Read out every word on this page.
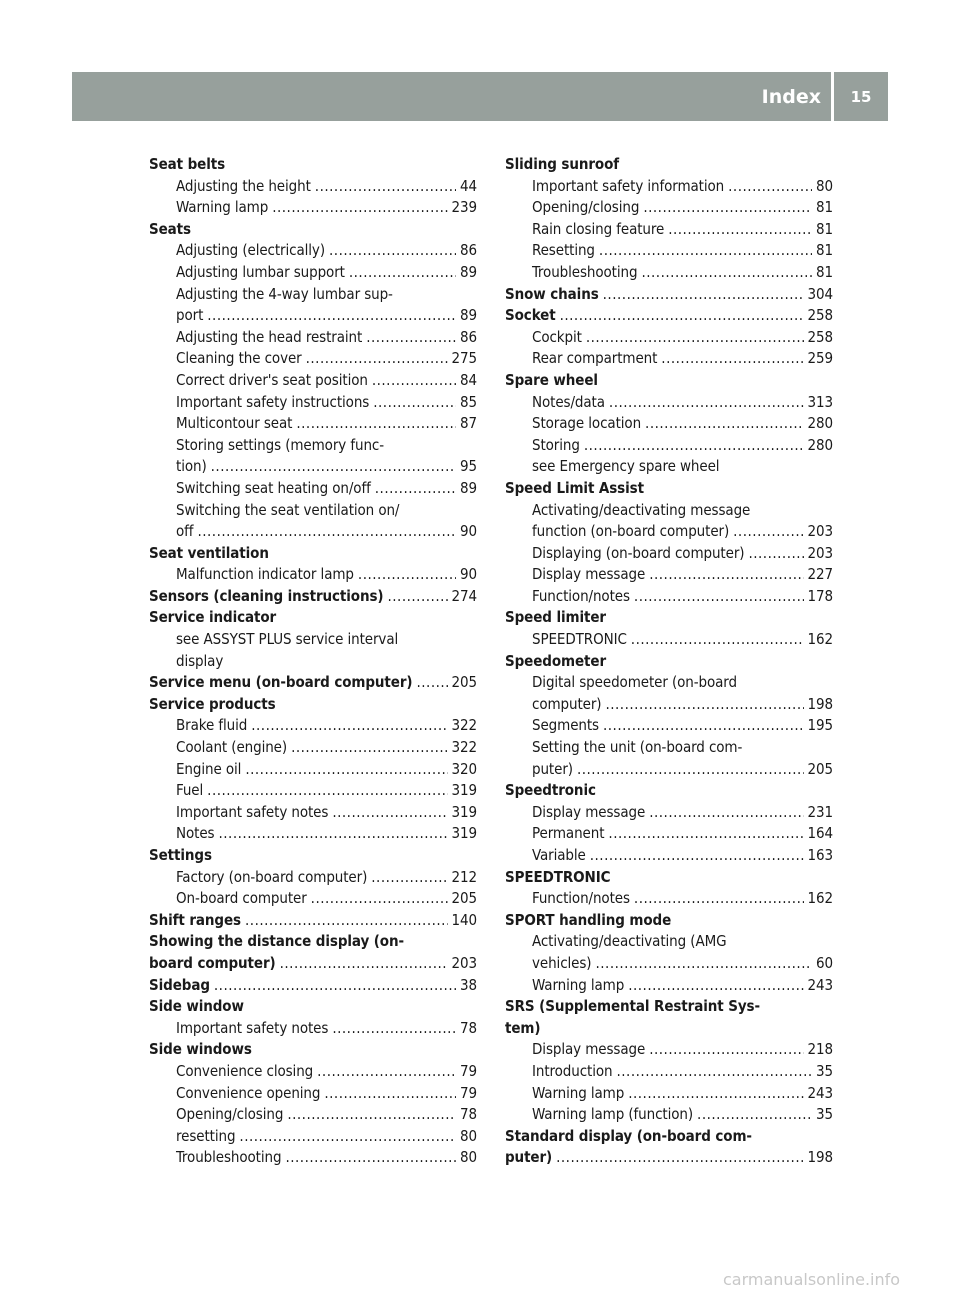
Index	15
Seat belts
Adjusting the height .....	44
Warning lamp .....	239
Seats
Adjusting (electrically) .....	86
Adjusting lumbar support .....	89
Adjusting the 4-way lumbar sup-
port .....	89
Adjusting the head restraint .....	86
Cleaning the cover .....	275
Correct driver's seat position .....	84
Important safety instructions .....	85
Multicontour seat .....	87
Storing settings (memory func-
tion) .....	95
Switching seat heating on/off .....	89
Switching the seat ventilation on/
off .....	90
Seat ventilation
Malfunction indicator lamp .....	90
Sensors (cleaning instructions) .....	274
Service indicator
see ASSYST PLUS service interval
display
Service menu (on-board computer) .....	205
Service products
Brake fluid .....	322
Coolant (engine) .....	322
Engine oil .....	320
Fuel .....	319
Important safety notes .....	319
Notes .....	319
Settings
Factory (on-board computer) .....	212
On-board computer .....	205
Shift ranges .....	140
Showing the distance display (on-
board computer) .....	203
Sidebag .....	38
Side window
Important safety notes .....	78
Side windows
Convenience closing .....	79
Convenience opening .....	79
Opening/closing .....	78
resetting .....	80
Troubleshooting .....	80
Sliding sunroof
Important safety information .....	80
Opening/closing .....	81
Rain closing feature .....	81
Resetting .....	81
Troubleshooting .....	81
Snow chains .....	304
Socket .....	258
Cockpit .....	258
Rear compartment .....	259
Spare wheel
Notes/data .....	313
Storage location .....	280
Storing .....	280
see Emergency spare wheel
Speed Limit Assist
Activating/deactivating message
function (on-board computer) .....	203
Displaying (on-board computer) .....	203
Display message .....	227
Function/notes .....	178
Speed limiter
SPEEDTRONIC .....	162
Speedometer
Digital speedometer (on-board
computer) .....	198
Segments .....	195
Setting the unit (on-board com-
puter) .....	205
Speedtronic
Display message .....	231
Permanent .....	164
Variable .....	163
SPEEDTRONIC
Function/notes .....	162
SPORT handling mode
Activating/deactivating (AMG
vehicles) .....	60
Warning lamp .....	243
SRS (Supplemental Restraint Sys-
tem)
Display message .....	218
Introduction .....	35
Warning lamp .....	243
Warning lamp (function) .....	35
Standard display (on-board com-
puter) .....	198
carmanualsonline.info
